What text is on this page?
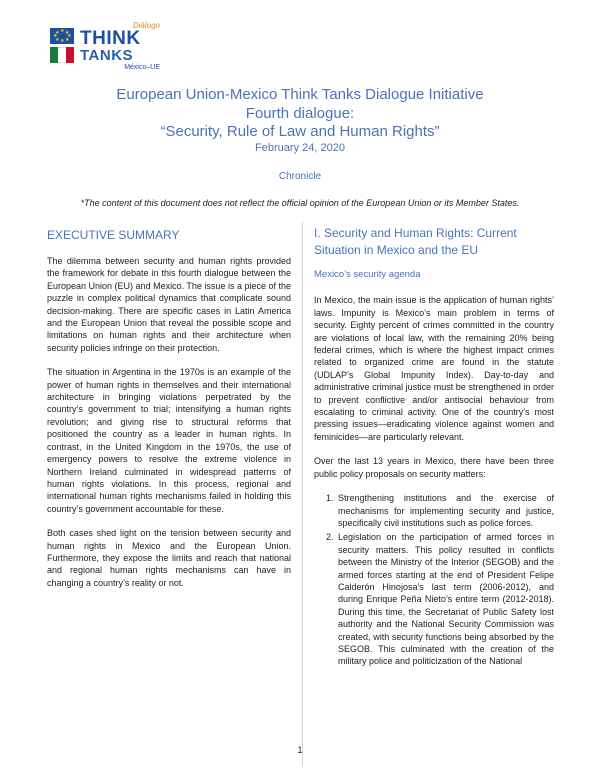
★ ★
★
★
★
★
★
★
Diálogo
THINK
TANKS
México–UE
European Union-Mexico Think Tanks Dialogue Initiative
Fourth dialogue:
“Security, Rule of Law and Human Rights”
February 24, 2020
Chronicle
*The content of this document does not reflect the official opinion of the European Union or its Member States.
EXECUTIVE SUMMARY

The dilemma between security and human rights provided the framework for debate in this fourth dialogue between the European Union (EU) and Mexico. The issue is a piece of the puzzle in complex political dynamics that complicate sound decision-making. There are specific cases in Latin America and the European Union that reveal the possible scope and limitations on human rights and their architecture when security policies infringe on their protection.

The situation in Argentina in the 1970s is an example of the power of human rights in themselves and their international architecture in bringing violations perpetrated by the country’s government to trial; intensifying a human rights revolution; and giving rise to structural reforms that positioned the country as a leader in human rights. In contrast, in the United Kingdom in the 1970s, the use of emergency powers to resolve the extreme violence in Northern Ireland culminated in widespread patterns of human rights violations. In this process, regional and international human rights mechanisms failed in holding this country’s government accountable for these.

Both cases shed light on the tension between security and human rights in Mexico and the European Union. Furthermore, they expose the limits and reach that national and regional human rights mechanisms can have in changing a country’s reality or not.

I. Security and Human Rights: Current Situation in Mexico and the EU
Mexico’s security agenda

In Mexico, the main issue is the application of human rights’ laws. Impunity is Mexico’s main problem in terms of security. Eighty percent of crimes committed in the country are violations of local law, with the remaining 20% being federal crimes, which is where the highest impact crimes related to organized crime are found in the statute (UDLAP’s Global Impunity Index). Day-to-day and administrative criminal justice must be strengthened in order to prevent conflictive and/or antisocial behaviour from escalating to criminal activity. One of the country’s most pressing issues—eradicating violence against women and feminicides—are particularly relevant.

Over the last 13 years in Mexico, there have been three public policy proposals on security matters:

1. Strengthening institutions and the exercise of mechanisms for implementing security and justice, specifically civil institutions such as police forces.
2. Legislation on the participation of armed forces in security matters. This policy resulted in conflicts between the Ministry of the Interior (SEGOB) and the armed forces starting at the end of President Felipe Calderón Hinojosa’s last term (2006-2012), and during Enrique Peña Nieto’s entire term (2012-2018). During this time, the Secretariat of Public Safety lost authority and the National Security Commission was created, with security functions being absorbed by the SEGOB. This culminated with the creation of the military police and politicization of the National
1
